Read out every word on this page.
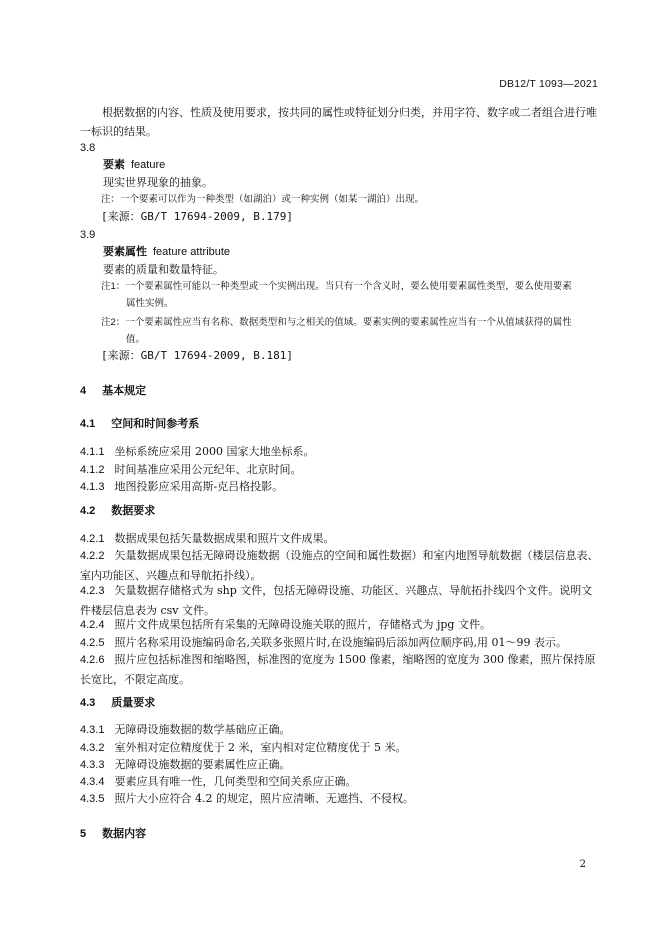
DB12/T 1093—2021
根据数据的内容、性质及使用要求，按共同的属性或特征划分归类，并用字符、数字或二者组合进行唯一标识的结果。
3.8
要素 feature
现实世界现象的抽象。
注：一个要素可以作为一种类型（如湖泊）或一种实例（如某一湖泊）出现。
[来源：GB/T 17694-2009, B.179]
3.9
要素属性 feature attribute
要素的质量和数量特征。
注1：一个要素属性可能以一种类型或一个实例出现。当只有一个含义时，要么使用要素属性类型，要么使用要素
属性实例。
注2：一个要素属性应当有名称、数据类型和与之相关的值域。要素实例的要素属性应当有一个从值域获得的属性
值。
[来源：GB/T 17694-2009, B.181]
4 基本规定
4.1 空间和时间参考系
4.1.1 坐标系统应采用 2000 国家大地坐标系。
4.1.2 时间基准应采用公元纪年、北京时间。
4.1.3 地图投影应采用高斯-克吕格投影。
4.2 数据要求
4.2.1 数据成果包括矢量数据成果和照片文件成果。
4.2.2 矢量数据成果包括无障碍设施数据（设施点的空间和属性数据）和室内地图导航数据（楼层信息表、室内功能区、兴趣点和导航拓扑线）。
4.2.3 矢量数据存储格式为 shp 文件，包括无障碍设施、功能区、兴趣点、导航拓扑线四个文件。说明文件楼层信息表为 csv 文件。
4.2.4 照片文件成果包括所有采集的无障碍设施关联的照片，存储格式为 jpg 文件。
4.2.5 照片名称采用设施编码命名,关联多张照片时,在设施编码后添加两位顺序码,用 01～99 表示。
4.2.6 照片应包括标准图和缩略图，标准图的宽度为 1500 像素，缩略图的宽度为 300 像素，照片保持原长宽比，不限定高度。
4.3 质量要求
4.3.1 无障碍设施数据的数学基础应正确。
4.3.2 室外相对定位精度优于 2 米，室内相对定位精度优于 5 米。
4.3.3 无障碍设施数据的要素属性应正确。
4.3.4 要素应具有唯一性，几何类型和空间关系应正确。
4.3.5 照片大小应符合 4.2 的规定，照片应清晰、无遮挡、不侵权。
5 数据内容
2
